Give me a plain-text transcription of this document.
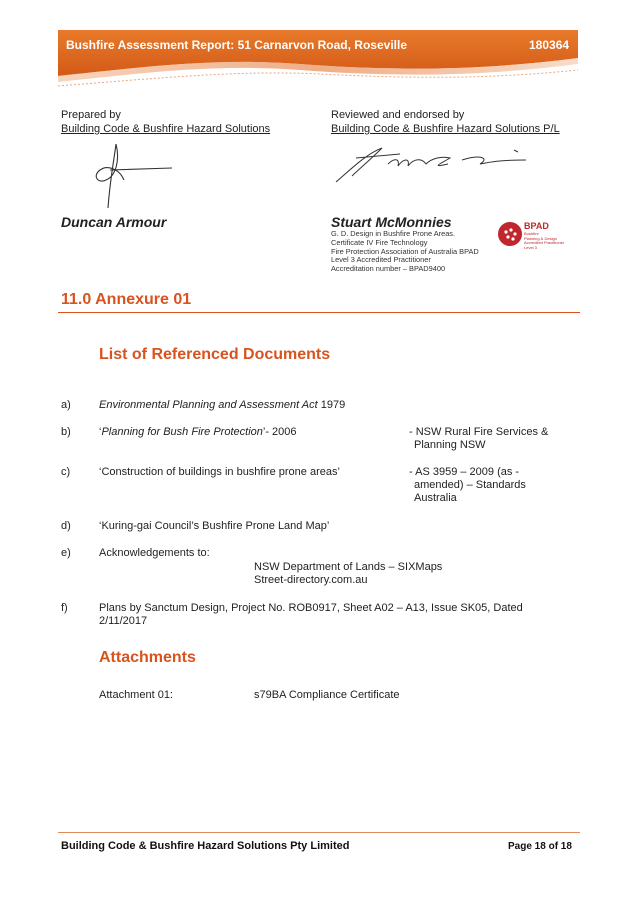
Bushfire Assessment Report: 51 Carnarvon Road, Roseville	180364
Prepared by
Building Code & Bushfire Hazard Solutions
Duncan Armour
Reviewed and endorsed by
Building Code & Bushfire Hazard Solutions P/L
Stuart McMonnies
G. D. Design in Bushfire Prone Areas.
Certificate IV Fire Technology
Fire Protection Association of Australia BPAD
Level 3 Accredited Practitioner
Accreditation number – BPAD9400
BPAD
Bushfire
Planning & Design
Accredited Practitioner
Level 3
11.0 Annexure 01
List of Referenced Documents
a)	Environmental Planning and Assessment Act 1979
b)	‘Planning for Bush Fire Protection’- 2006	- NSW Rural Fire Services &
Planning NSW
c)	‘Construction of buildings in bushfire prone areas’	- AS 3959 – 2009 (as -
amended) – Standards
Australia
d)	‘Kuring-gai Council’s Bushfire Prone Land Map’
e)	Acknowledgements to:
NSW Department of Lands – SIXMaps
Street-directory.com.au
f)	Plans by Sanctum Design, Project No. ROB0917, Sheet A02 – A13, Issue SK05, Dated
2/11/2017
Attachments
Attachment 01:	s79BA Compliance Certificate
Building Code & Bushfire Hazard Solutions Pty Limited	Page 18 of 18
